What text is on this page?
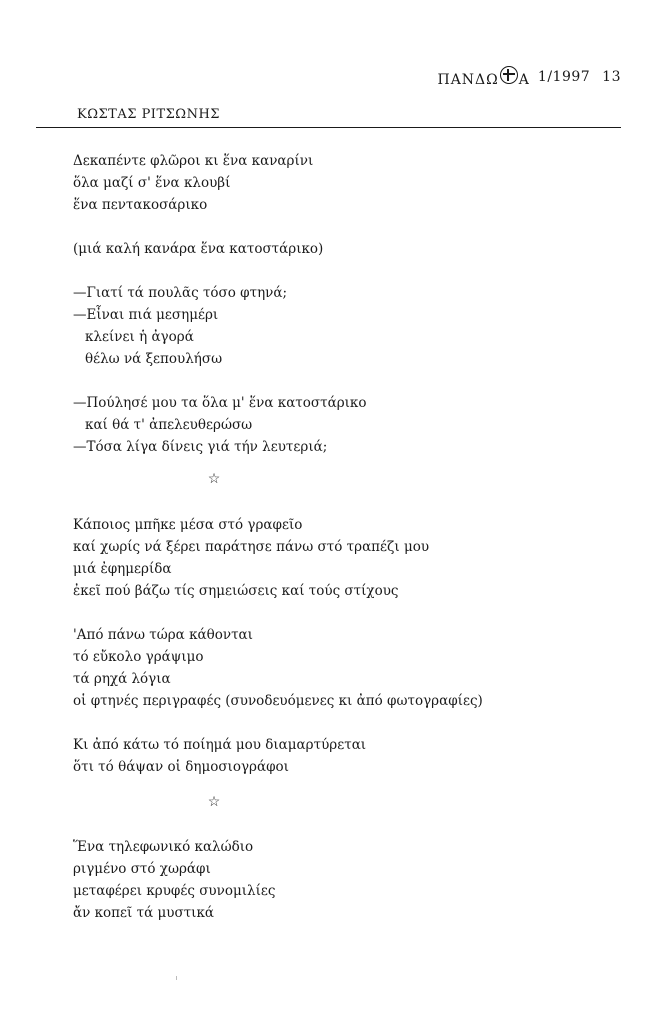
ΠΑΝΔΩ Α 1/1997 13
ΚΩΣΤΑΣ ΡΙΤΣΩΝΗΣ
Δεκαπέντε φλῶροι κι ἕνα καναρίνι
ὅλα μαζί σ' ἕνα κλουβί
ἕνα πεντακοσάρικο
(μιά καλή κανάρα ἕνα κατοστάρικο)
—Γιατί τά πουλᾶς τόσο φτηνά;
—Εἶναι πιά μεσημέρι
κλείνει ἡ ἀγορά
θέλω νά ξεπουλήσω
—Πούλησέ μου τα ὅλα μ' ἕνα κατοστάρικο
καί θά τ' ἀπελευθερώσω
—Τόσα λίγα δίνεις γιά τήν λευτεριά;
☆
Κάποιος μπῆκε μέσα στό γραφεῖο
καί χωρίς νά ξέρει παράτησε πάνω στό τραπέζι μου
μιά ἐφημερίδα
ἐκεῖ πού βάζω τίς σημειώσεις καί τούς στίχους
'Από πάνω τώρα κάθονται
τό εὔκολο γράψιμο
τά ρηχά λόγια
οἱ φτηνές περιγραφές (συνοδευόμενες κι ἀπό φωτογραφίες)
Κι ἀπό κάτω τό ποίημά μου διαμαρτύρεται
ὅτι τό θάψαν οἱ δημοσιογράφοι
☆
Ἕνα τηλεφωνικό καλώδιο
ριγμένο στό χωράφι
μεταφέρει κρυφές συνομιλίες
ἄν κοπεῖ τά μυστικά
